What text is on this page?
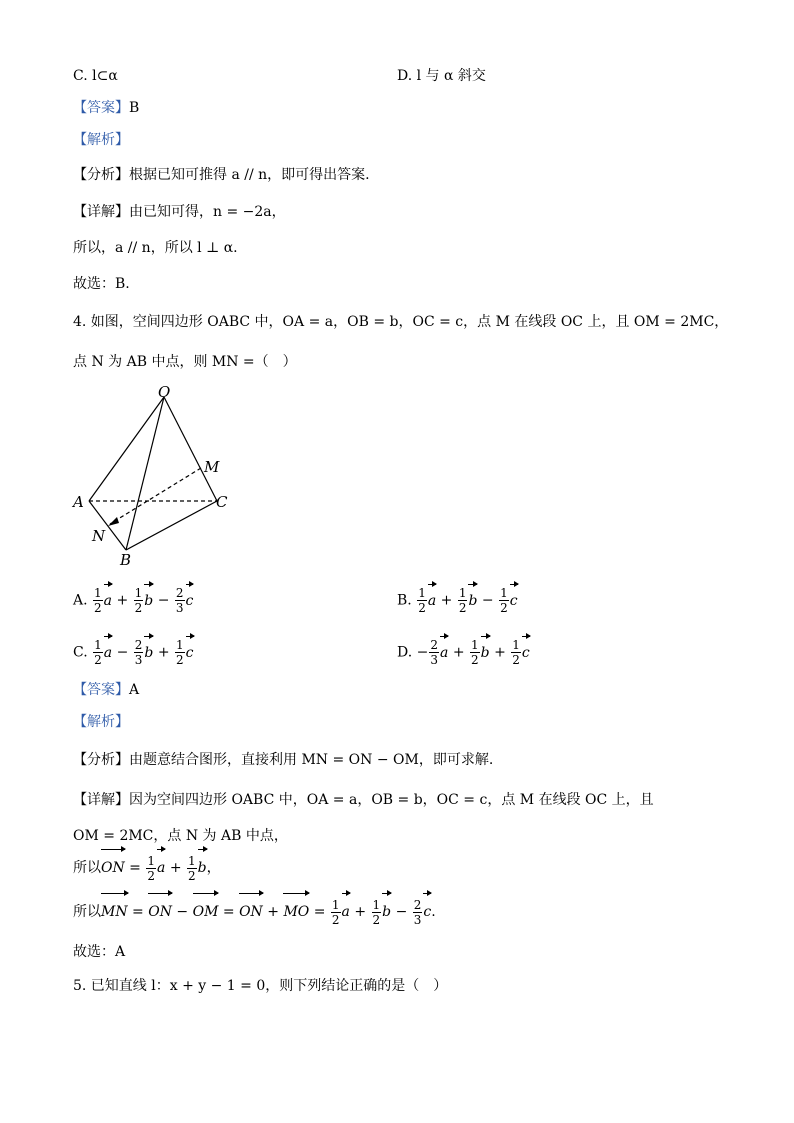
C. l⊂α	D. l 与 α 斜交
【答案】B
【解析】
【分析】根据已知可推得 a // n，即可得出答案.
【详解】由已知可得，n = −2a，
所以，a // n，所以 l ⊥ α.
故选：B.
4. 如图，空间四边形 OABC 中，OA = a，OB = b，OC = c，点 M 在线段 OC 上，且 OM = 2MC，
点 N 为 AB 中点，则 MN =（　）
O
M
A	C
N
B
A. $\frac{1}{2}$ $a + \frac{1}{2}$ $b - \frac{2}{3}$ c	B. $\frac{1}{2}$ $a + \frac{1}{2}$ $b - \frac{1}{2}$ c
C. $\frac{1}{2}$ $a - \frac{2}{3}$ $b + \frac{1}{2}$ c	D. − $\frac{2}{3}$ $a + \frac{1}{2}$ $b + \frac{1}{2}$ c
【答案】A
【解析】
【分析】由题意结合图形，直接利用 MN = ON − OM，即可求解.
【详解】因为空间四边形 OABC 中，OA = a，OB = b，OC = c，点 M 在线段 OC 上，且
OM = 2MC，点 N 为 AB 中点，
所以ON = $\frac{1}{2}$ $a + \frac{1}{2}$ b，
所以MN = ON − OM = ON + MO = $\frac{1}{2}$ $a + \frac{1}{2}$ $b - \frac{2}{3} c$.
故选：A
5. 已知直线 l：x + y − 1 = 0，则下列结论正确的是（　）
